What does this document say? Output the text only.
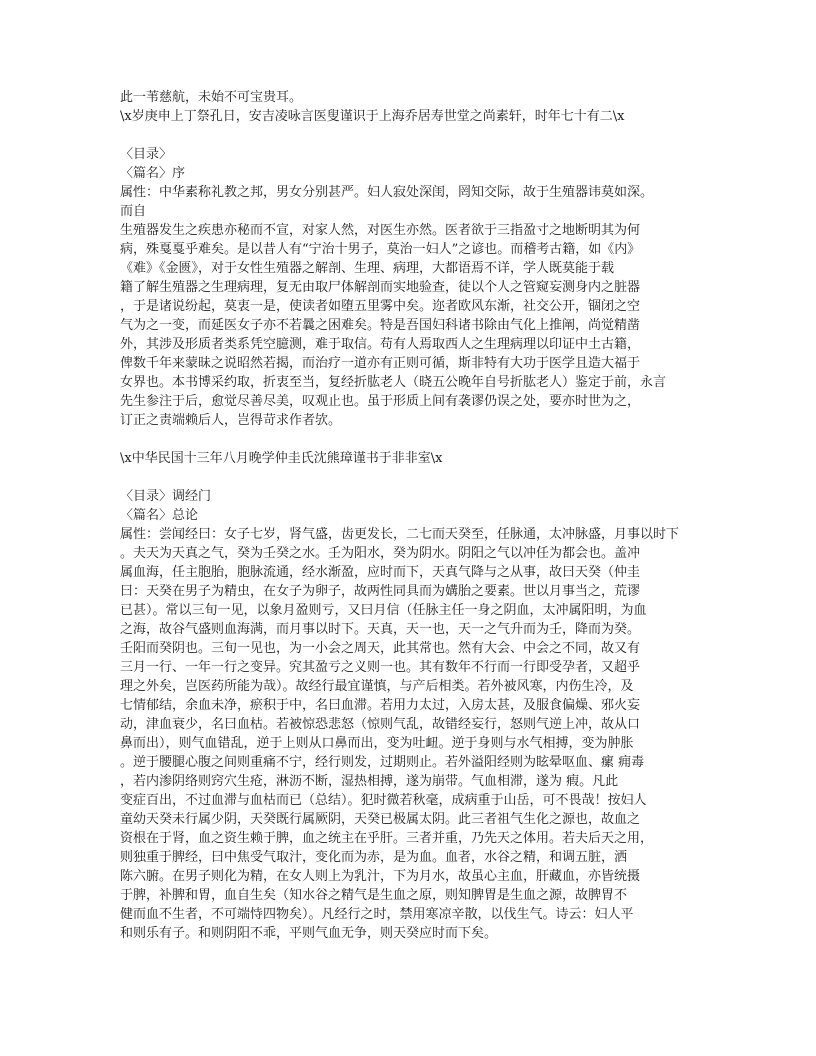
此一苇慈航，未始不可宝贵耳。
\x岁庚申上丁祭孔日，安吉凌咏言医叟谨识于上海乔居寿世堂之尚素轩，时年七十有二\x
〈目录〉
〈篇名〉序
属性：中华素称礼教之邦，男女分别甚严。妇人寂处深闺，罔知交际，故于生殖器讳莫如深。
而自
生殖器发生之疾患亦秘而不宣，对家人然，对医生亦然。医者欲于三指盈寸之地断明其为何
病，殊戛戛乎难矣。是以昔人有“宁治十男子，莫治一妇人”之谚也。而稽考古籍，如《内》
《难》《金匮》，对于女性生殖器之解剖、生理、病理，大都语焉不详，学人既莫能于载
籍了解生殖器之生理病理，复无由取尸体解剖而实地验查，徒以个人之管窥妄测身内之脏器
，于是诸说纷起，莫衷一是，使读者如堕五里雾中矣。迩者欧风东渐，社交公开，锢闭之空
气为之一变，而延医女子亦不若曩之困难矣。特是吾国妇科诸书除由气化上推阐，尚觉精凿
外，其涉及形质者类系凭空臆测，难于取信。苟有人焉取西人之生理病理以印证中土古籍，
俾数千年来蒙昧之说昭然若揭，而治疗一道亦有正则可循，斯非特有大功于医学且造大福于
女界也。本书博采约取，折衷至当，复经折肱老人（晓五公晚年自号折肱老人）鉴定于前，永言
先生参注于后，愈觉尽善尽美，叹观止也。虽于形质上间有袭谬仍误之处，要亦时世为之，
订正之责端赖后人，岂得苛求作者欤。
\x中华民国十三年八月晚学仲圭氏沈熊璋谨书于非非室\x
〈目录〉调经门
〈篇名〉总论
属性：尝闻经曰：女子七岁，肾气盛，齿更发长，二七而天癸至，任脉通，太冲脉盛，月事以时下
。夫天为天真之气，癸为壬癸之水。壬为阳水，癸为阴水。阴阳之气以冲任为都会也。盖冲
属血海，任主胞胎，胞脉流通，经水渐盈，应时而下，天真气降与之从事，故曰天癸（仲圭
曰：天癸在男子为精虫，在女子为卵子，故两性同具而为媾胎之要素。世以月事当之，荒谬
已甚）。常以三旬一见，以象月盈则亏，又曰月信（任脉主任一身之阴血，太冲属阳明，为血
之海，故谷气盛则血海满，而月事以时下。天真，天一也，天一之气升而为壬，降而为癸。
壬阳而癸阴也。三旬一见也，为一小会之周天，此其常也。然有大会、中会之不同，故又有
三月一行、一年一行之变异。究其盈亏之义则一也。其有数年不行而一行即受孕者，又超乎
理之外矣，岂医药所能为哉）。故经行最宜谨慎，与产后相类。若外被风寒，内伤生冷，及
七情郁结，余血未净，瘀积于中，名曰血滞。若用力太过，入房太甚，及服食偏燥、邪火妄
动，津血衰少，名曰血枯。若被惊恐悲怒（惊则气乱，故错经妄行，怒则气逆上冲，故从口
鼻而出），则气血错乱，逆于上则从口鼻而出，变为吐衄。逆于身则与水气相搏，变为肿胀
。逆于腰腿心腹之间则重痛不宁，经行则发，过期则止。若外溢阳经则为眩晕呕血、瘰 痈毒
，若内渗阴络则窍穴生疮，淋沥不断，湿热相搏，遂为崩带。气血相滞，遂为 瘕。凡此
变症百出，不过血滞与血枯而已（总结）。犯时微若秋毫，成病重于山岳，可不畏哉！按妇人
童幼天癸未行属少阴，天癸既行属厥阴，天癸已极属太阴。此三者祖气生化之源也，故血之
资根在于肾，血之资生赖于脾，血之统主在乎肝。三者并重，乃先天之体用。若夫后天之用，
则独重于脾经，曰中焦受气取汁，变化而为赤，是为血。血者，水谷之精，和调五脏，洒
陈六腑。在男子则化为精，在女人则上为乳汁，下为月水，故虽心主血，肝藏血，亦皆统摄
于脾，补脾和胃，血自生矣（知水谷之精气是生血之原，则知脾胃是生血之源，故脾胃不
健而血不生者，不可端恃四物矣）。凡经行之时，禁用寒凉辛散，以伐生气。诗云：妇人平
和则乐有子。和则阴阳不乖，平则气血无争，则天癸应时而下矣。
